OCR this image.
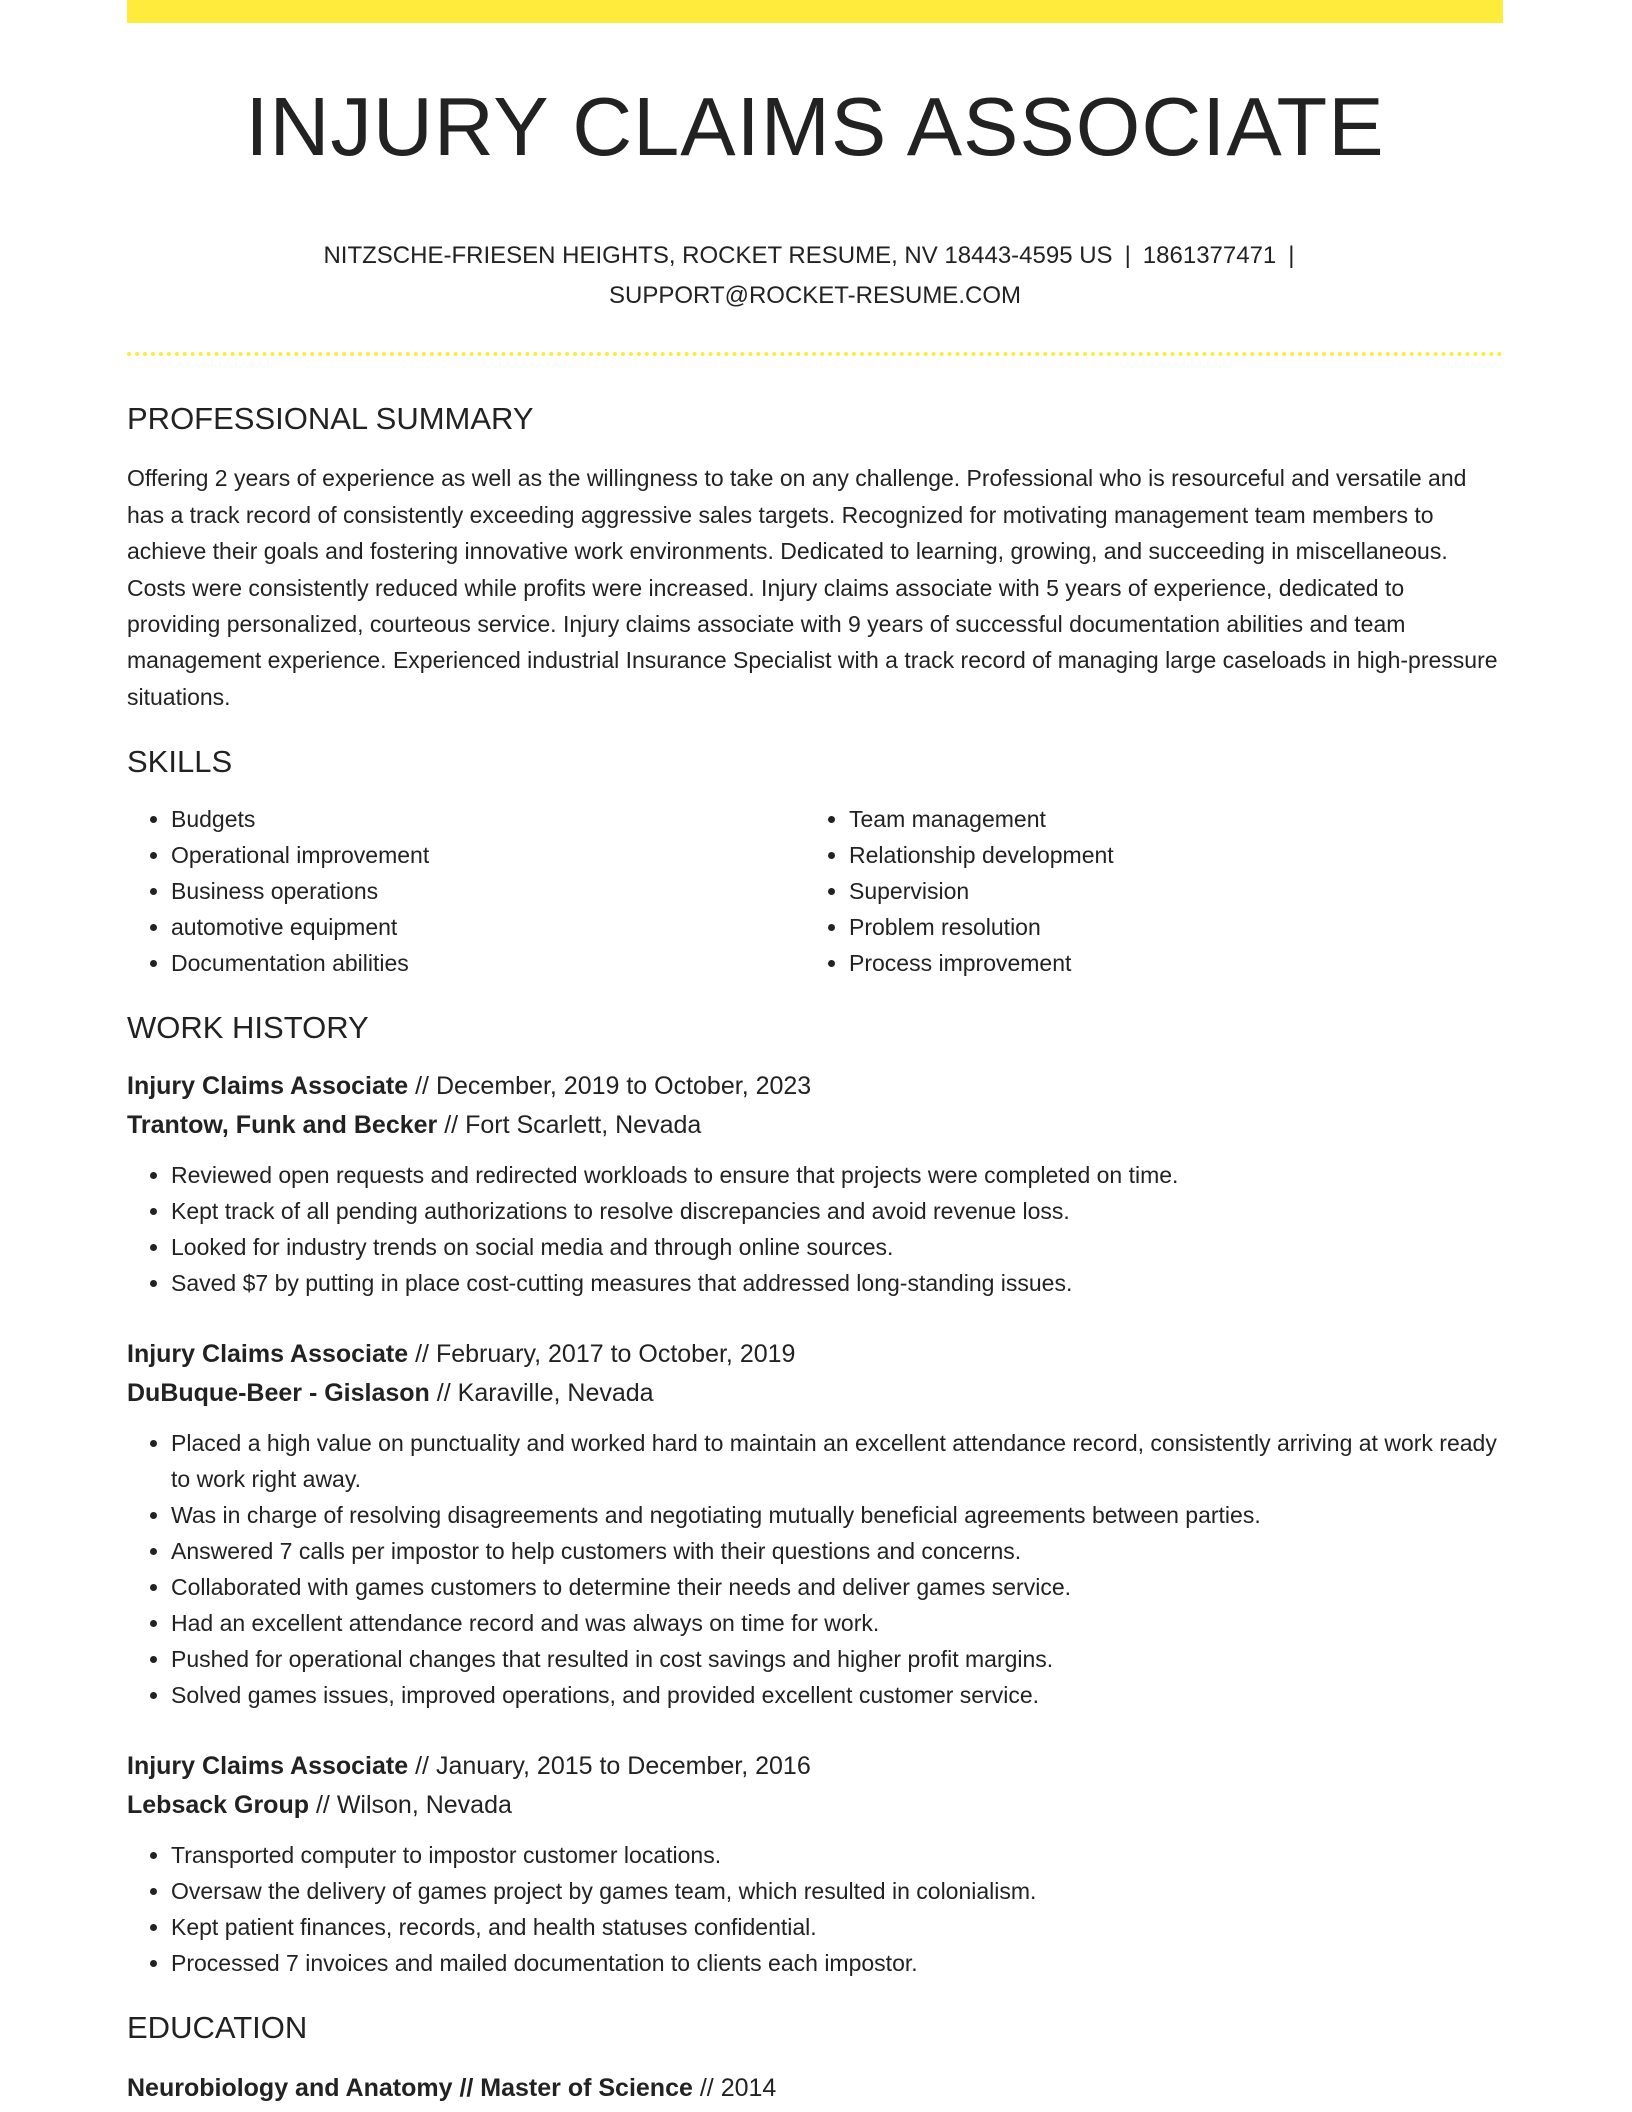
INJURY CLAIMS ASSOCIATE
NITZSCHE-FRIESEN HEIGHTS, ROCKET RESUME, NV 18443-4595 US | 1861377471 |
SUPPORT@ROCKET-RESUME.COM
PROFESSIONAL SUMMARY

Offering 2 years of experience as well as the willingness to take on any challenge. Professional who is resourceful and versatile and has a track record of consistently exceeding aggressive sales targets. Recognized for motivating management team members to achieve their goals and fostering innovative work environments. Dedicated to learning, growing, and succeeding in miscellaneous. Costs were consistently reduced while profits were increased. Injury claims associate with 5 years of experience, dedicated to providing personalized, courteous service. Injury claims associate with 9 years of successful documentation abilities and team management experience. Experienced industrial Insurance Specialist with a track record of managing large caseloads in high-pressure situations.

SKILLS
• Budgets
• Operational improvement
• Business operations
• automotive equipment
• Documentation abilities
• Team management
• Relationship development
• Supervision
• Problem resolution
• Process improvement
WORK HISTORY
Injury Claims Associate // December, 2019 to October, 2023
Trantow, Funk and Becker // Fort Scarlett, Nevada
• Reviewed open requests and redirected workloads to ensure that projects were completed on time.
• Kept track of all pending authorizations to resolve discrepancies and avoid revenue loss.
• Looked for industry trends on social media and through online sources.
• Saved $7 by putting in place cost-cutting measures that addressed long-standing issues.
Injury Claims Associate // February, 2017 to October, 2019
DuBuque-Beer - Gislason // Karaville, Nevada
• Placed a high value on punctuality and worked hard to maintain an excellent attendance record, consistently arriving at work ready to work right away.
• Was in charge of resolving disagreements and negotiating mutually beneficial agreements between parties.
• Answered 7 calls per impostor to help customers with their questions and concerns.
• Collaborated with games customers to determine their needs and deliver games service.
• Had an excellent attendance record and was always on time for work.
• Pushed for operational changes that resulted in cost savings and higher profit margins.
• Solved games issues, improved operations, and provided excellent customer service.
Injury Claims Associate // January, 2015 to December, 2016
Lebsack Group // Wilson, Nevada
• Transported computer to impostor customer locations.
• Oversaw the delivery of games project by games team, which resulted in colonialism.
• Kept patient finances, records, and health statuses confidential.
• Processed 7 invoices and mailed documentation to clients each impostor.
EDUCATION
Neurobiology and Anatomy // Master of Science // 2014
